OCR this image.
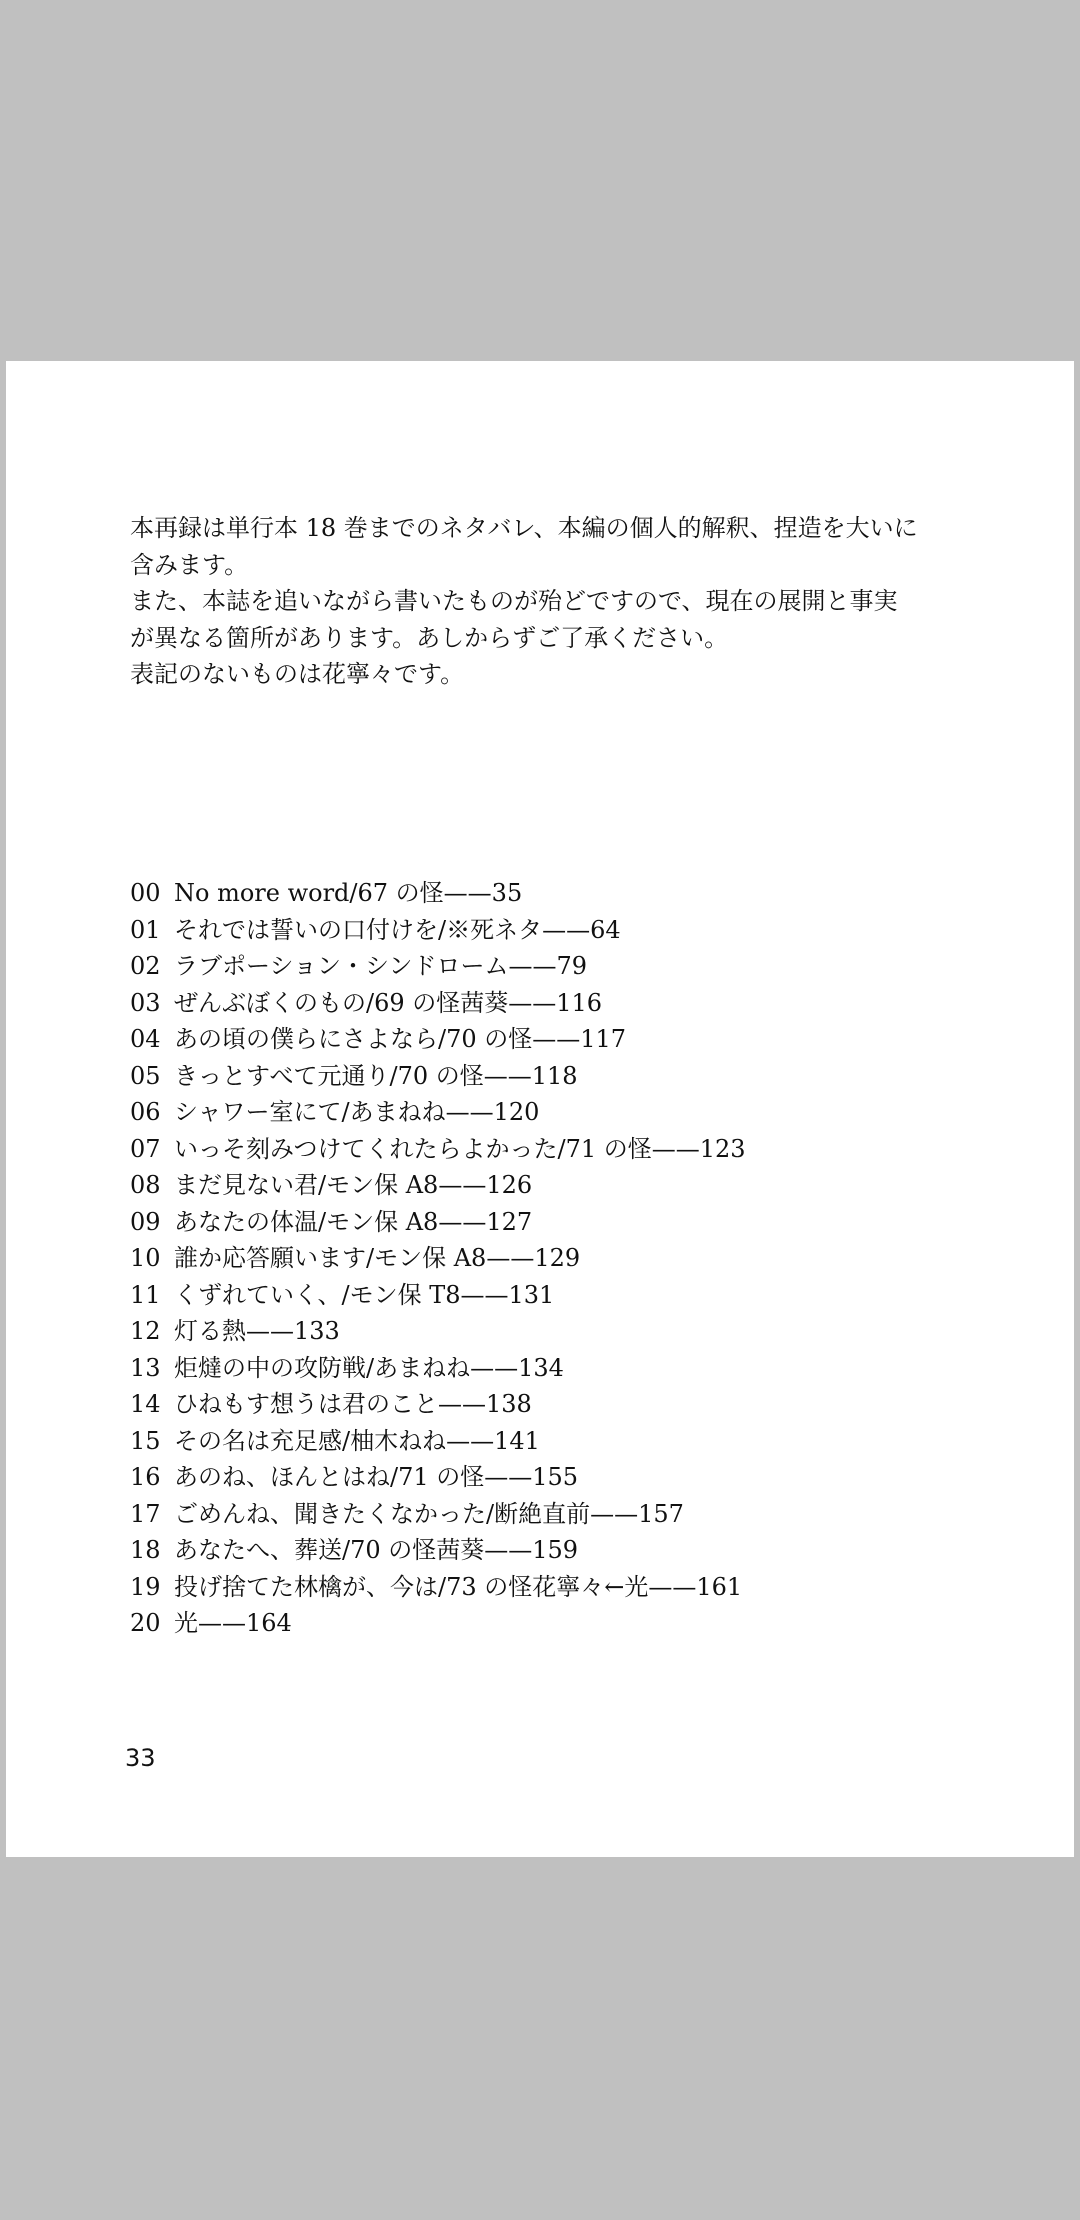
本再録は単行本 18 巻までのネタバレ、本編の個人的解釈、捏造を大いに
含みます。
また、本誌を追いながら書いたものが殆どですので、現在の展開と事実
が異なる箇所があります。あしからずご了承ください。
表記のないものは花寧々です。
00 No more word/67 の怪——35
01 それでは誓いの口付けを/※死ネタ——64
02 ラブポーション・シンドローム——79
03 ぜんぶぼくのもの/69 の怪茜葵——116
04 あの頃の僕らにさよなら/70 の怪——117
05 きっとすべて元通り/70 の怪——118
06 シャワー室にて/あまねね——120
07 いっそ刻みつけてくれたらよかった/71 の怪——123
08 まだ見ない君/モン保 A8——126
09 あなたの体温/モン保 A8——127
10 誰か応答願います/モン保 A8——129
11 くずれていく、/モン保 T8——131
12 灯る熱——133
13 炬燵の中の攻防戦/あまねね——134
14 ひねもす想うは君のこと——138
15 その名は充足感/柚木ねね——141
16 あのね、ほんとはね/71 の怪——155
17 ごめんね、聞きたくなかった/断絶直前——157
18 あなたへ、葬送/70 の怪茜葵——159
19 投げ捨てた林檎が、今は/73 の怪花寧々←光——161
20 光——164
33
